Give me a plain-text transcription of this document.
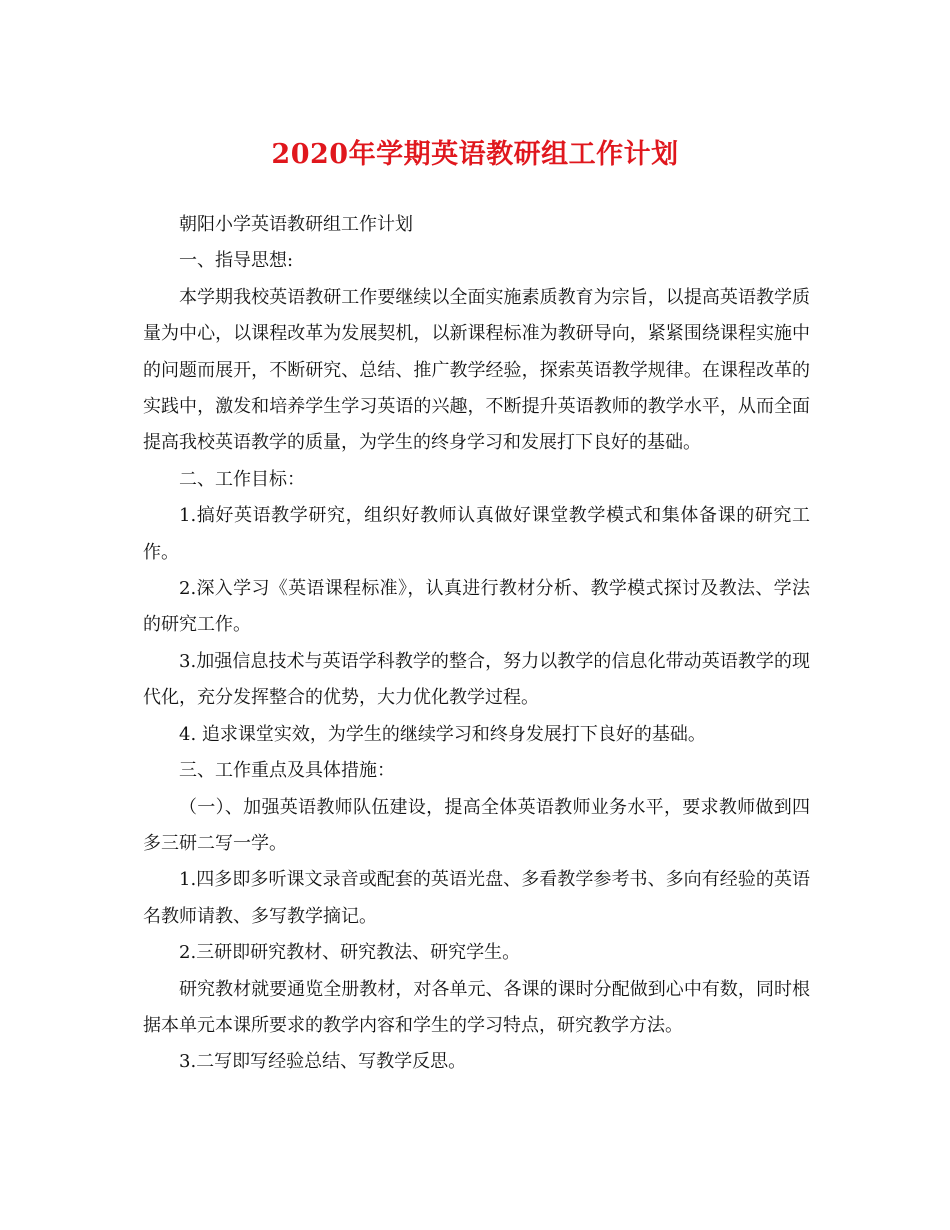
2020年学期英语教研组工作计划

朝阳小学英语教研组工作计划

一、指导思想:

本学期我校英语教研工作要继续以全面实施素质教育为宗旨，以提高英语教学质量为中心，以课程改革为发展契机，以新课程标准为教研导向，紧紧围绕课程实施中的问题而展开，不断研究、总结、推广教学经验，探索英语教学规律。在课程改革的实践中，激发和培养学生学习英语的兴趣，不断提升英语教师的教学水平，从而全面提高我校英语教学的质量，为学生的终身学习和发展打下良好的基础。

二、工作目标：

1.搞好英语教学研究，组织好教师认真做好课堂教学模式和集体备课的研究工作。

2.深入学习《英语课程标准》，认真进行教材分析、教学模式探讨及教法、学法的研究工作。

3.加强信息技术与英语学科教学的整合，努力以教学的信息化带动英语教学的现代化，充分发挥整合的优势，大力优化教学过程。

4. 追求课堂实效，为学生的继续学习和终身发展打下良好的基础。

三、工作重点及具体措施：

（一）、加强英语教师队伍建设，提高全体英语教师业务水平，要求教师做到四多三研二写一学。

1.四多即多听课文录音或配套的英语光盘、多看教学参考书、多向有经验的英语名教师请教、多写教学摘记。

2.三研即研究教材、研究教法、研究学生。

研究教材就要通览全册教材，对各单元、各课的课时分配做到心中有数，同时根据本单元本课所要求的教学内容和学生的学习特点，研究教学方法。

3.二写即写经验总结、写教学反思。
